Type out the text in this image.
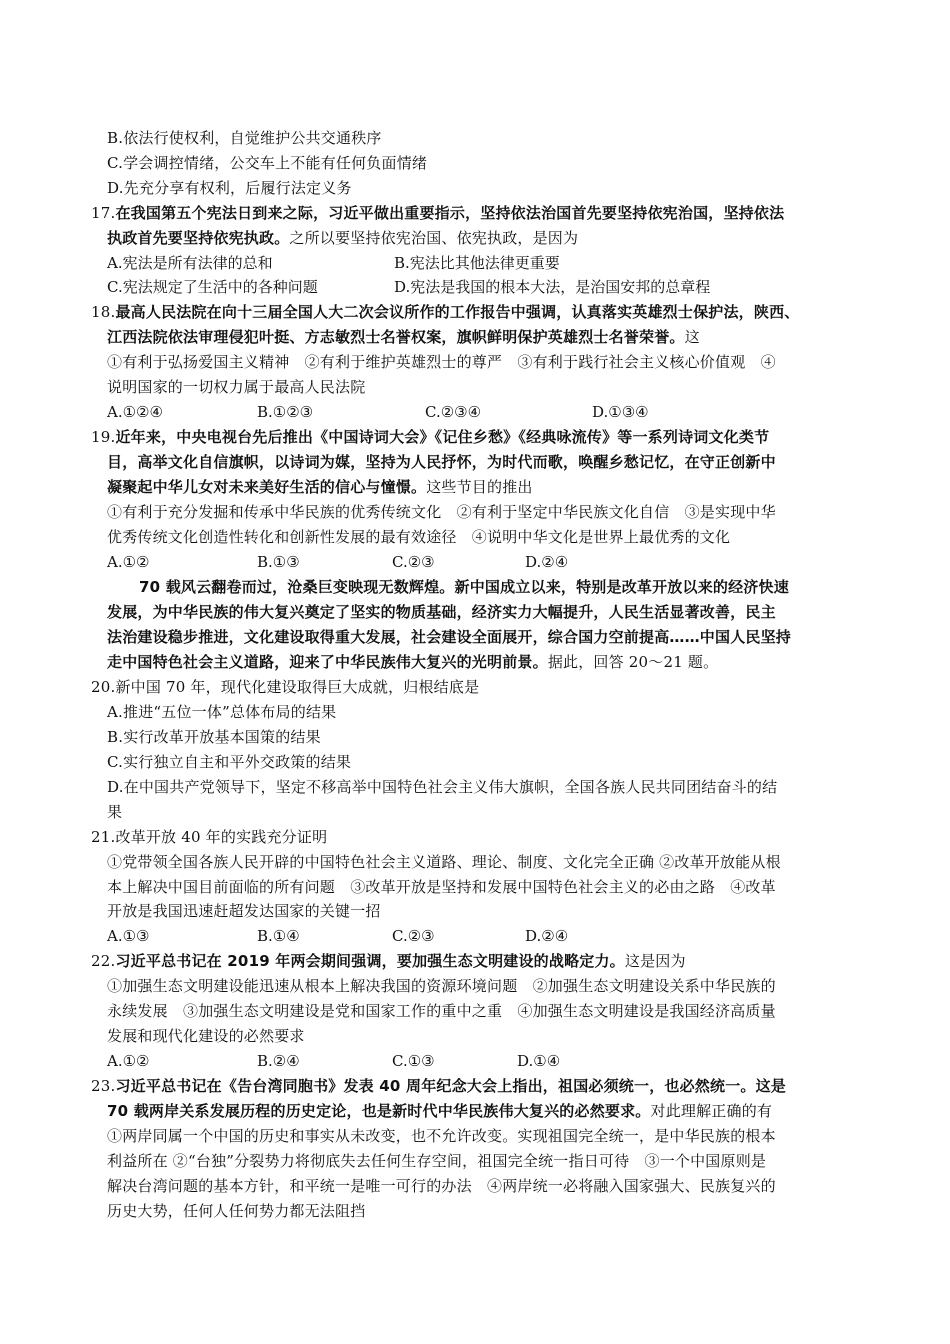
B.依法行使权利，自觉维护公共交通秩序
C.学会调控情绪，公交车上不能有任何负面情绪
D.先充分享有权利，后履行法定义务
17.在我国第五个宪法日到来之际，习近平做出重要指示，坚持依法治国首先要坚持依宪治国，坚持依法
执政首先要坚持依宪执政。之所以要坚持依宪治国、依宪执政，是因为
A.宪法是所有法律的总和	B.宪法比其他法律更重要
C.宪法规定了生活中的各种问题	D.宪法是我国的根本大法，是治国安邦的总章程
18.最高人民法院在向十三届全国人大二次会议所作的工作报告中强调，认真落实英雄烈士保护法，陕西、
江西法院依法审理侵犯叶挺、方志敏烈士名誉权案，旗帜鲜明保护英雄烈士名誉荣誉。这
①有利于弘扬爱国主义精神　②有利于维护英雄烈士的尊严　③有利于践行社会主义核心价值观　④
说明国家的一切权力属于最高人民法院
A.①②④	B.①②③	C.②③④	D.①③④
19.近年来，中央电视台先后推出《中国诗词大会》《记住乡愁》《经典咏流传》等一系列诗词文化类节
目，高举文化自信旗帜，以诗词为媒，坚持为人民抒怀，为时代而歌，唤醒乡愁记忆，在守正创新中
凝聚起中华儿女对未来美好生活的信心与憧憬。这些节目的推出
①有利于充分发掘和传承中华民族的优秀传统文化　②有利于坚定中华民族文化自信　③是实现中华
优秀传统文化创造性转化和创新性发展的最有效途径　④说明中华文化是世界上最优秀的文化
A.①②	B.①③	C.②③	D.②④
70 载风云翻卷而过，沧桑巨变映现无数辉煌。新中国成立以来，特别是改革开放以来的经济快速
发展，为中华民族的伟大复兴奠定了坚实的物质基础，经济实力大幅提升，人民生活显著改善，民主
法治建设稳步推进，文化建设取得重大发展，社会建设全面展开，综合国力空前提高……中国人民坚持
走中国特色社会主义道路，迎来了中华民族伟大复兴的光明前景。据此，回答 20～21 题。
20.新中国 70 年，现代化建设取得巨大成就，归根结底是
A.推进“五位一体”总体布局的结果
B.实行改革开放基本国策的结果
C.实行独立自主和平外交政策的结果
D.在中国共产党领导下，坚定不移高举中国特色社会主义伟大旗帜，全国各族人民共同团结奋斗的结
果
21.改革开放 40 年的实践充分证明
①党带领全国各族人民开辟的中国特色社会主义道路、理论、制度、文化完全正确 ②改革开放能从根
本上解决中国目前面临的所有问题　③改革开放是坚持和发展中国特色社会主义的必由之路　④改革
开放是我国迅速赶超发达国家的关键一招
A.①③	B.①④	C.②③	D.②④
22.习近平总书记在 2019 年两会期间强调，要加强生态文明建设的战略定力。这是因为
①加强生态文明建设能迅速从根本上解决我国的资源环境问题　②加强生态文明建设关系中华民族的
永续发展　③加强生态文明建设是党和国家工作的重中之重　④加强生态文明建设是我国经济高质量
发展和现代化建设的必然要求
A.①②	B.②④	C.①③	D.①④
23.习近平总书记在《告台湾同胞书》发表 40 周年纪念大会上指出，祖国必须统一，也必然统一。这是
70 载两岸关系发展历程的历史定论，也是新时代中华民族伟大复兴的必然要求。对此理解正确的有
①两岸同属一个中国的历史和事实从未改变，也不允许改变。实现祖国完全统一，是中华民族的根本
利益所在 ②“台独”分裂势力将彻底失去任何生存空间，祖国完全统一指日可待　③一个中国原则是
解决台湾问题的基本方针，和平统一是唯一可行的办法　④两岸统一必将融入国家强大、民族复兴的
历史大势，任何人任何势力都无法阻挡
